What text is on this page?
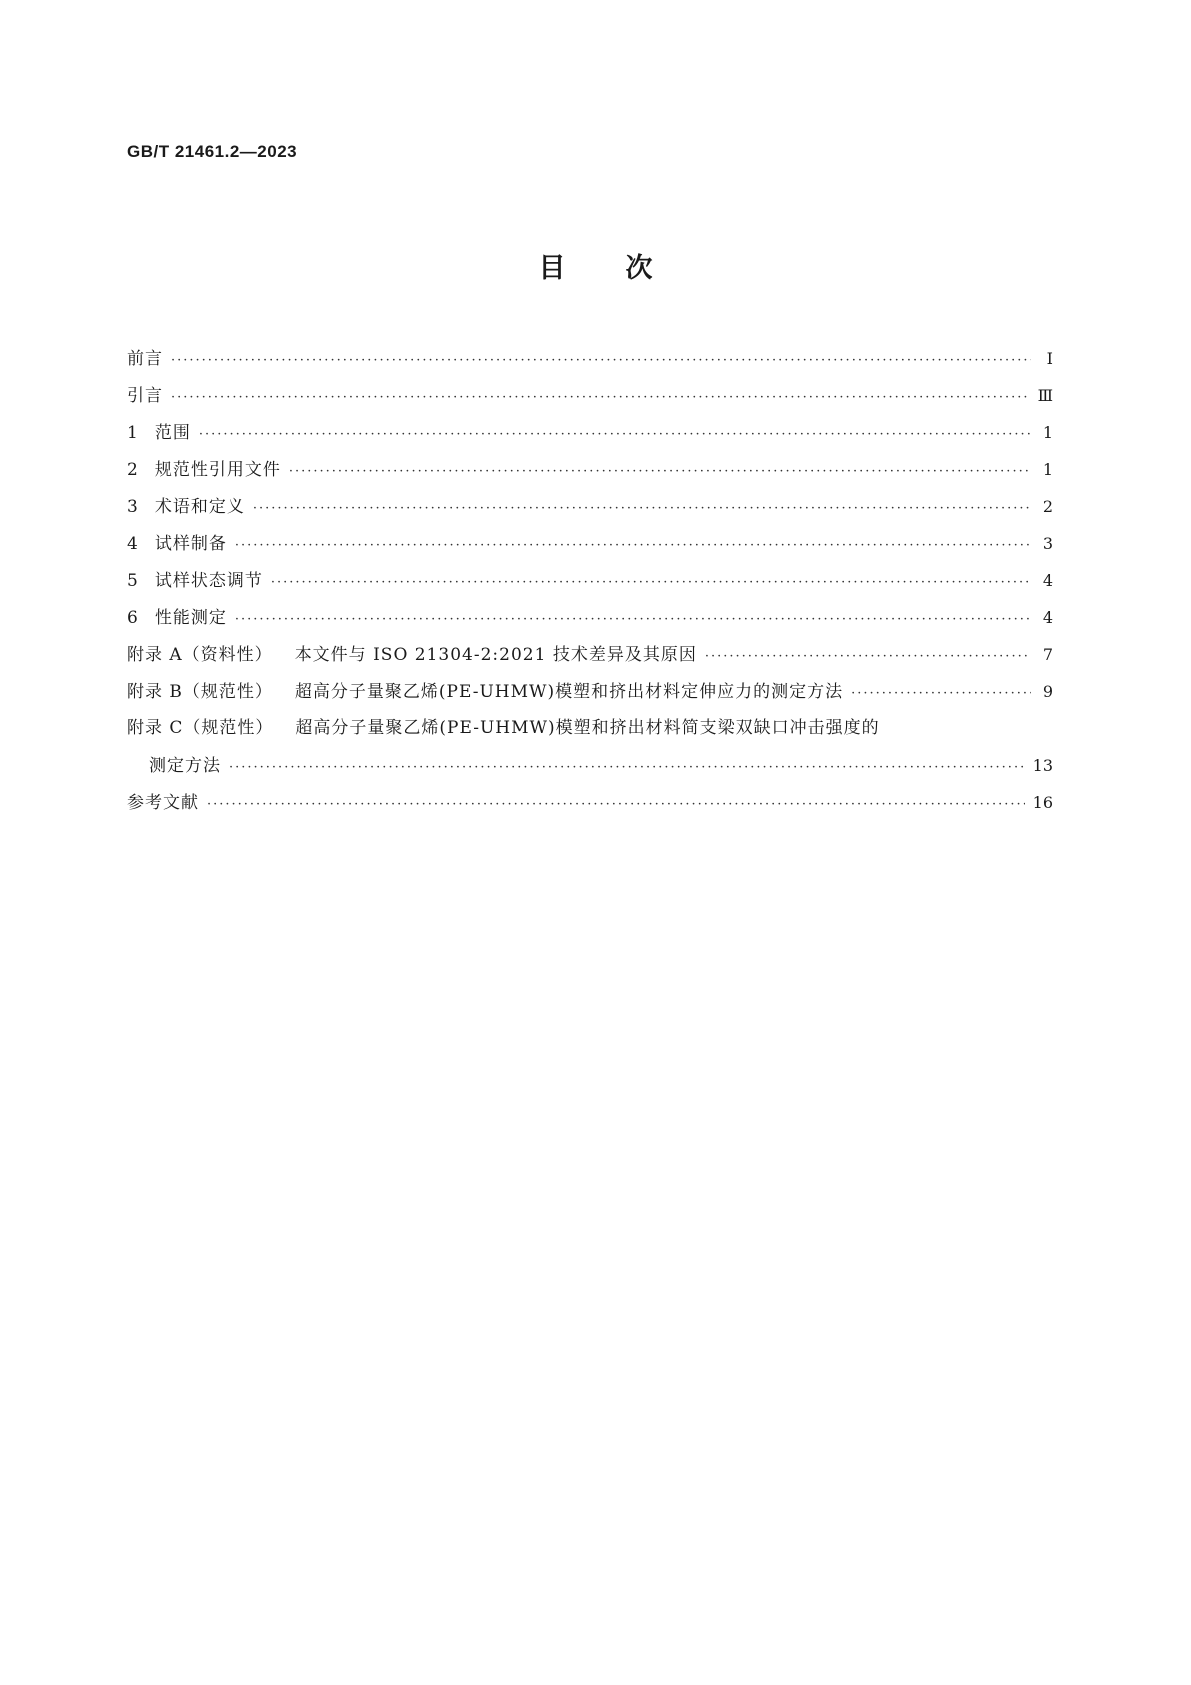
GB/T 21461.2—2023
目次
前言 ·····	Ⅰ
引言 ·····	Ⅲ
1 范围 ·····	1
2 规范性引用文件 ·····	1
3 术语和定义 ·····	2
4 试样制备 ·····	3
5 试样状态调节 ·····	4
6 性能测定 ·····	4
附录 A（资料性） 本文件与 ISO 21304-2:2021 技术差异及其原因 ·····	7
附录 B（规范性） 超高分子量聚乙烯(PE-UHMW)模塑和挤出材料定伸应力的测定方法 ·····	9
附录 C（规范性） 超高分子量聚乙烯(PE-UHMW)模塑和挤出材料简支梁双缺口冲击强度的
测定方法 ·····	13
参考文献 ·····	16
